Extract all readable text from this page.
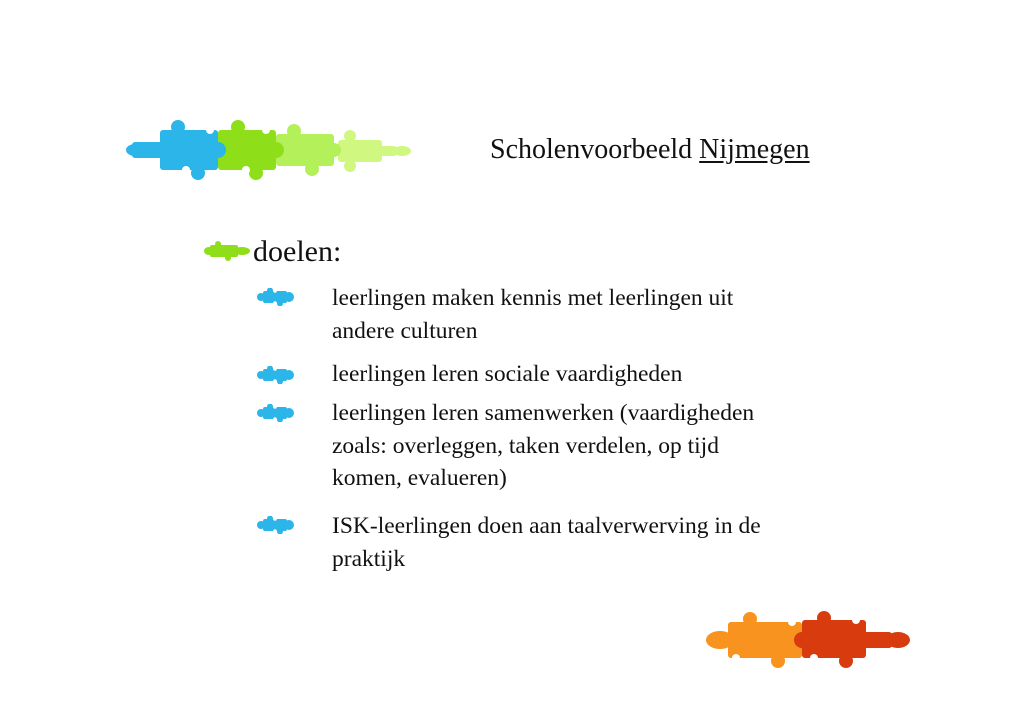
Scholenvoorbeeld Nijmegen
doelen:
leerlingen maken kennis met leerlingen uit
andere culturen
leerlingen leren sociale vaardigheden
leerlingen leren samenwerken (vaardigheden
zoals: overleggen, taken verdelen, op tijd
komen, evalueren)
ISK-leerlingen doen aan taalverwerving in de
praktijk
